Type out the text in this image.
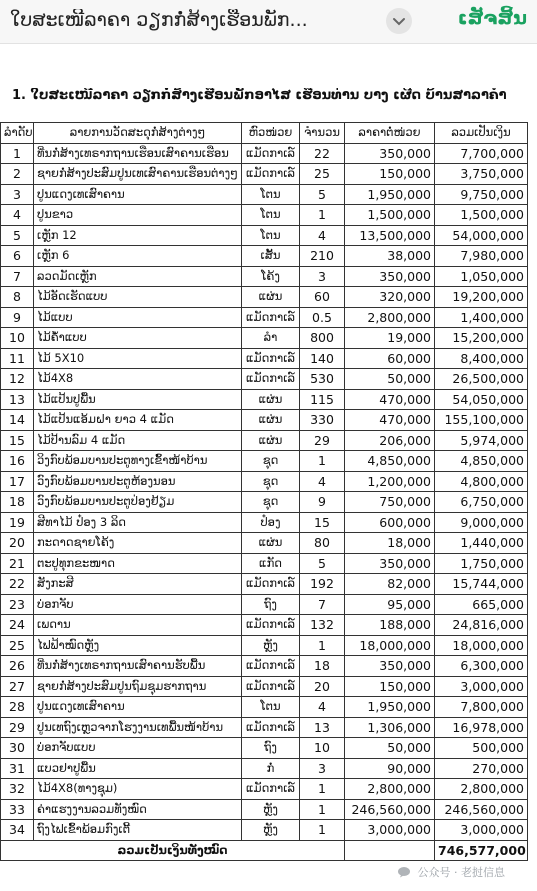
ໃບສະເໜີລາຄາ ວຽກກໍ່ສ້າງເຮືອນພັກ...	ເສັຈສິ້ນ
1. ໃບສະເໜີລາຄາ ວຽກກໍ່ສ້າງເຮືອນພັກອາໄສ ເຮືອນທ່ານ ບາງ ເຜີດ ບ້ານສາລາຄຳ
ລຳດັບ	ລາຍການວັດສະດຸກໍ່ສ້າງຕ່າງໆ	ຫົວໜ່ວຍ	ຈຳນວນ	ລາຄາຕໍ່ໜ່ວຍ	ລວມເປັນເງິນ
1	ທີ່ນກໍ່ສ້າງເທຣາກຖານເຮືອນເສົາຄານເຮືອນ	ແມັດກາເລ໌	22	350,000	7,700,000
2	ຊາຍກໍ່ສ້າງປະສົມປູນເທເສົາຄານເຮືອນຕ່າງໆ	ແມັດກາເລ໌	25	150,000	3,750,000
3	ປູນແດງເທເສົາຄານ	ໂຕນ	5	1,950,000	9,750,000
4	ປູນຂາວ	ໂຕນ	1	1,500,000	1,500,000
5	ເຫຼັກ 12	ໂຕນ	4	13,500,000	54,000,000
6	ເຫຼັກ 6	ເສັ້ນ	210	38,000	7,980,000
7	ລວດມັດເຫຼັກ	ໂຄ້ງ	3	350,000	1,050,000
8	ໄມ້ອັດເຮັດແບບ	ແຜ່ນ	60	320,000	19,200,000
9	ໄມ້ແບບ	ແມັດກາເລ໌	0.5	2,800,000	1,400,000
10	ໄມ້ຄ້ຳແບບ	ລຳ	800	19,000	15,200,000
11	ໄມ້ 5X10	ແມັດກາເລ໌	140	60,000	8,400,000
12	ໄມ້4X8	ແມັດກາເລ໌	530	50,000	26,500,000
13	ໄມ້ແປ້ນປູພື້ນ	ແຜ່ນ	115	470,000	54,050,000
14	ໄມ້ແປ້ນແອ້ມຝາ ຍາວ 4 ແມັດ	ແຜ່ນ	330	470,000	155,100,000
15	ໄມ້ປ້ານລົມ 4 ແມັດ	ແຜ່ນ	29	206,000	5,974,000
16	ວິງກົບພ້ອມບານປະຕູທາງເຂົ້າໜ້າບ້ານ	ຊຸດ	1	4,850,000	4,850,000
17	ວົງກົບພ້ອມບານປະຕູຫ້ອງນອນ	ຊຸດ	4	1,200,000	4,800,000
18	ວົງກົບພ້ອມບານປະຕູປ່ອງຢ້ຽມ	ຊຸດ	9	750,000	6,750,000
19	ສີທາໄມ້ ປ໋ອງ 3 ລິດ	ປ໋ອງ	15	600,000	9,000,000
20	ກະດາດຊາຍໂຄ້ງ	ແຜ່ນ	80	18,000	1,440,000
21	ຕະປູທຸກຂະໜາດ	ແກັດ	5	350,000	1,750,000
22	ສັງກະສີ	ແມັດກາເລ໌	192	82,000	15,744,000
23	ບ່ອກຈັບ	ຖົງ	7	95,000	665,000
24	ເພດານ	ແມັດກາເລ໌	132	188,000	24,816,000
25	ໄຟຟ້າໝົດຫຼັງ	ຫຼັງ	1	18,000,000	18,000,000
26	ທີ່ນກໍ່ສ້າງເທຣາກຖານເສົາຄານຮັບພື້ນ	ແມັດກາເລ໌	18	350,000	6,300,000
27	ຊາຍກໍ່ສ້າງປະສົມປູນຖົມຊຸມຮາກຖານ	ແມັດກາເລ໌	20	150,000	3,000,000
28	ປູນແດງເທເສົາຄານ	ໂຕນ	4	1,950,000	7,800,000
29	ປູນເທຖົງເຫຼວຈາກໂຮງງານເທພື້ນໜ້າບ້ານ	ແມັດກາເລ໌	13	1,306,000	16,978,000
30	ບ່ອກຈັບແບບ	ຖົງ	10	50,000	500,000
31	ແບວຢາປູພື້ນ	ກໍ່	3	90,000	270,000
32	ໄມ້4X8(ທາງຊຸມ)	ແມັດກາເລ໌	1	2,800,000	2,800,000
33	ຄ່າແຮງງານລວມທັງໝົດ	ຫຼັງ	1	246,560,000	246,560,000
34	ຖົງໄຟເຂົ້າພ້ອມກົງເຕີ້	ຫຼັງ	1	3,000,000	3,000,000
ລວມເປັນເງິນທັງໝົດ					746,577,000
公众号 · 老挝信息
